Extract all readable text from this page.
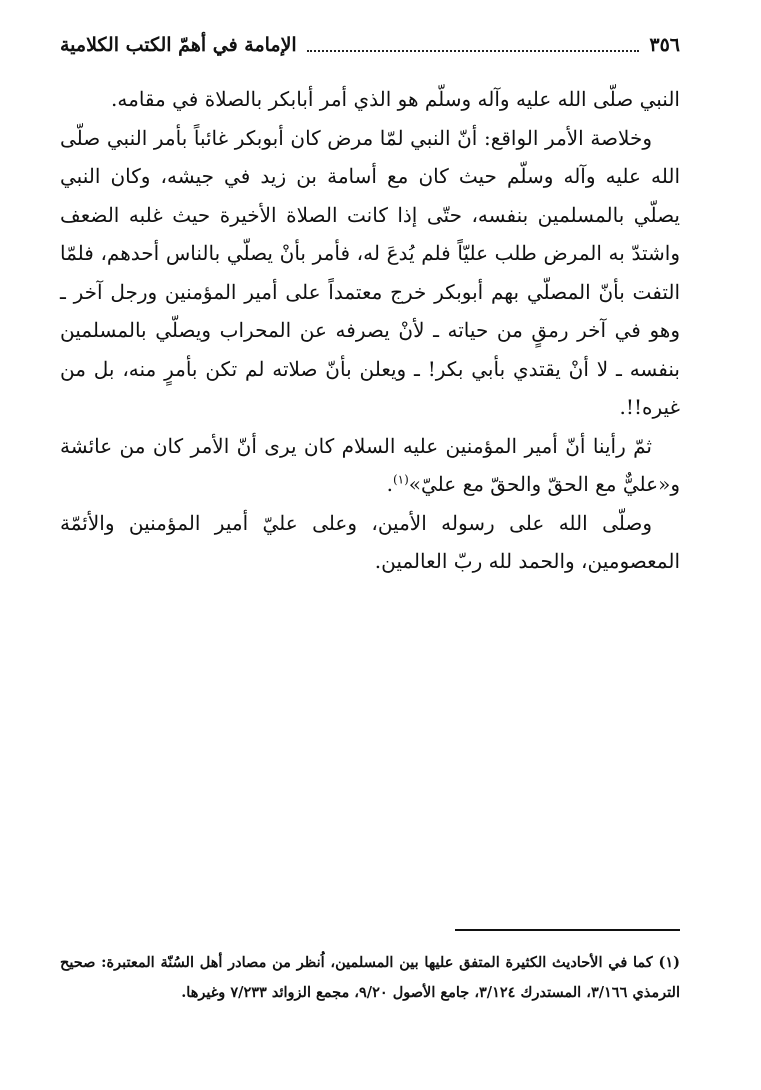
٣٥٦
الإمامة في أهمّ الكتب الكلامية

النبي صلّى الله عليه وآله وسلّم هو الذي أمر أبابكر بالصلاة في مقامه.

وخلاصة الأمر الواقع: أنّ النبي لمّا مرض كان أبوبكر غائباً بأمر النبي صلّى الله عليه وآله وسلّم حيث كان مع أسامة بن زيد في جيشه، وكان النبي يصلّي بالمسلمين بنفسه، حتّى إذا كانت الصلاة الأخيرة حيث غلبه الضعف واشتدّ به المرض طلب عليّاً فلم يُدعَ له، فأمر بأنْ يصلّي بالناس أحدهم، فلمّا التفت بأنّ المصلّي بهم أبوبكر خرج معتمداً على أمير المؤمنين ورجل آخر ـ وهو في آخر رمقٍ من حياته ـ لأنْ يصرفه عن المحراب ويصلّي بالمسلمين بنفسه ـ لا أنْ يقتدي بأبي بكر! ـ ويعلن بأنّ صلاته لم تكن بأمرٍ منه، بل من غيره!!.

ثمّ رأينا أنّ أمير المؤمنين عليه السلام كان يرى أنّ الأمر كان من عائشة و«عليٌّ مع الحقّ والحقّ مع عليّ»$^{(١)}$.

وصلّى الله على رسوله الأمين، وعلى عليّ أمير المؤمنين والأئمّة المعصومين، والحمد لله ربّ العالمين.

(١) كما في الأحاديث الكثيرة المتفق عليها بين المسلمين، اُنظر من مصادر أهل السُنّة المعتبرة: صحيح الترمذي ٣/١٦٦، المستدرك ٣/١٢٤، جامع الأصول ٩/٢٠، مجمع الزوائد ٧/٢٣٣ وغيرها.
